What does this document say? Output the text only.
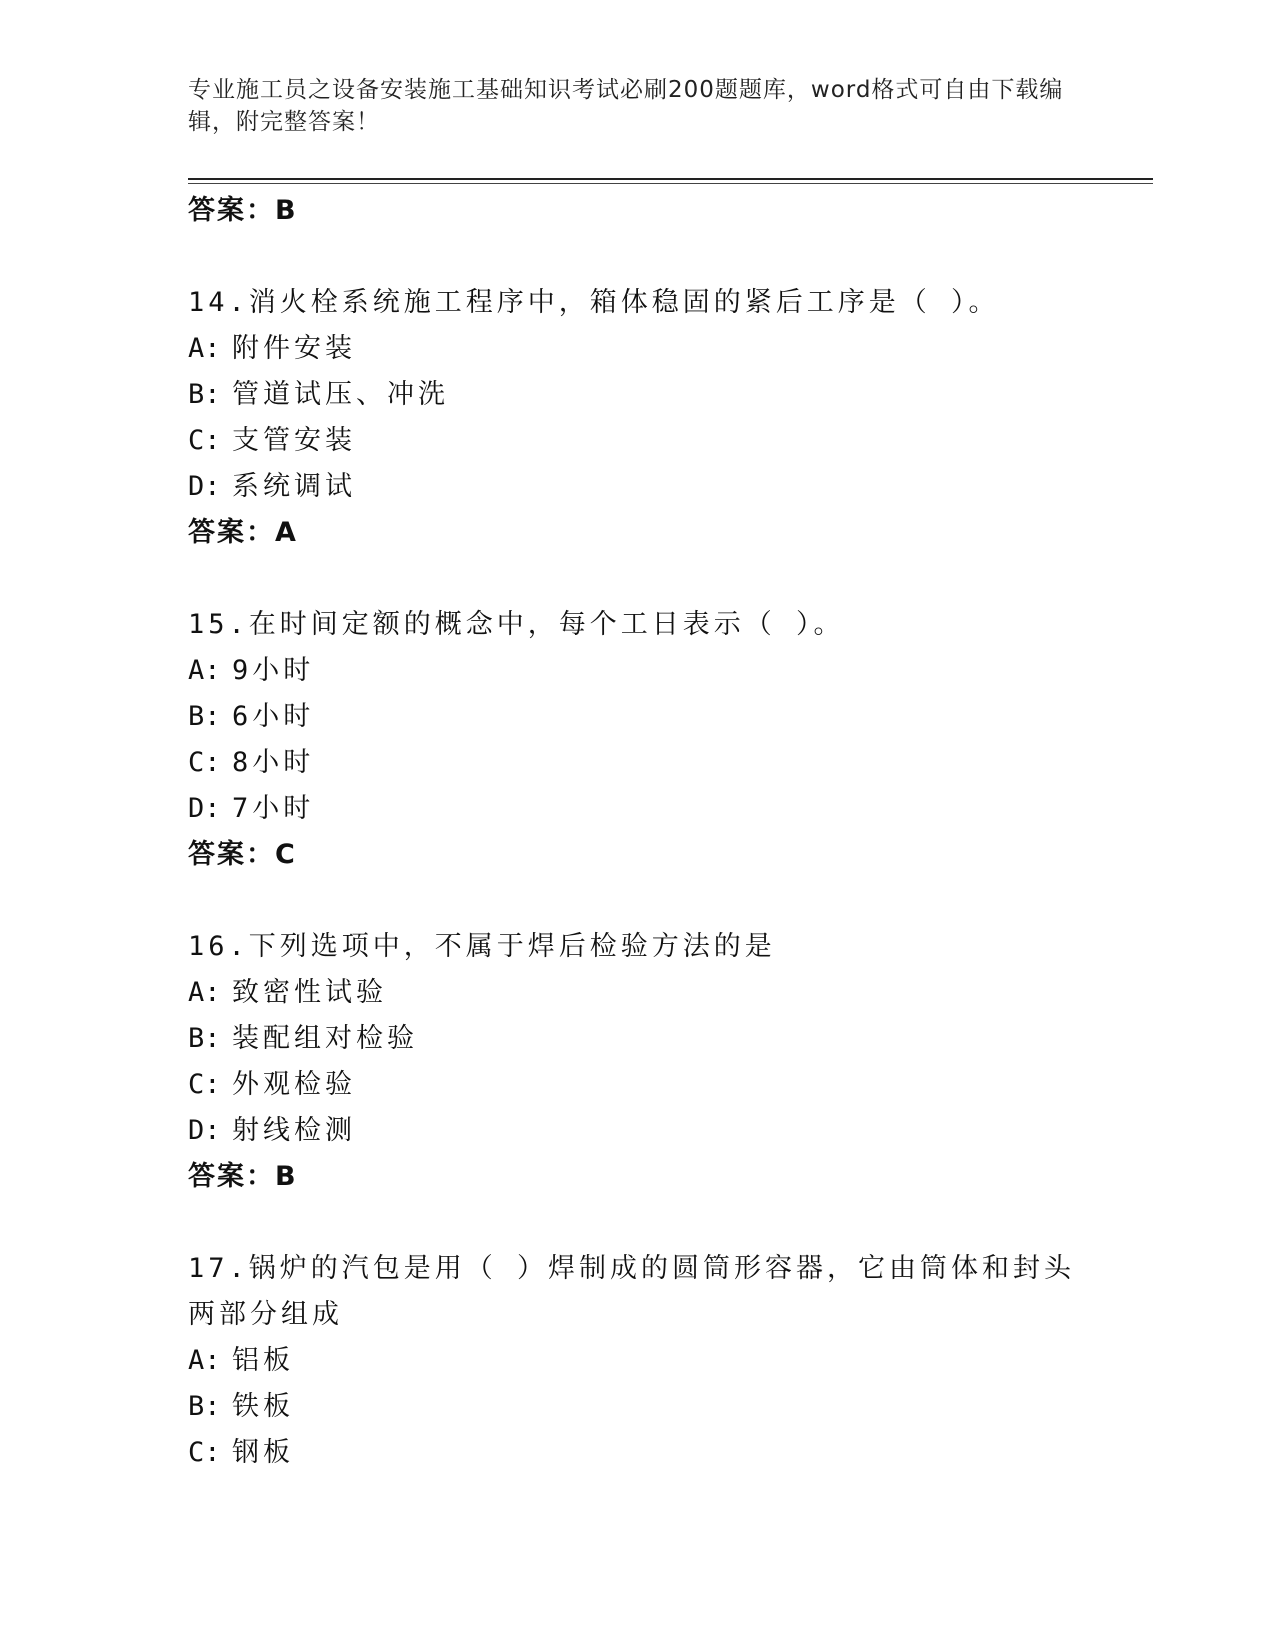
专业施工员之设备安装施工基础知识考试必刷200题题库，word格式可自由下载编辑，附完整答案！
答案：B
14.消火栓系统施工程序中，箱体稳固的紧后工序是（ ）。
A: 附件安装
B: 管道试压、冲洗
C: 支管安装
D: 系统调试
答案：A
15.在时间定额的概念中，每个工日表示（ ）。
A: 9小时
B: 6小时
C: 8小时
D: 7小时
答案：C
16.下列选项中，不属于焊后检验方法的是
A: 致密性试验
B: 装配组对检验
C: 外观检验
D: 射线检测
答案：B
17.锅炉的汽包是用（ ）焊制成的圆筒形容器，它由筒体和封头两部分组成
A: 铝板
B: 铁板
C: 钢板
